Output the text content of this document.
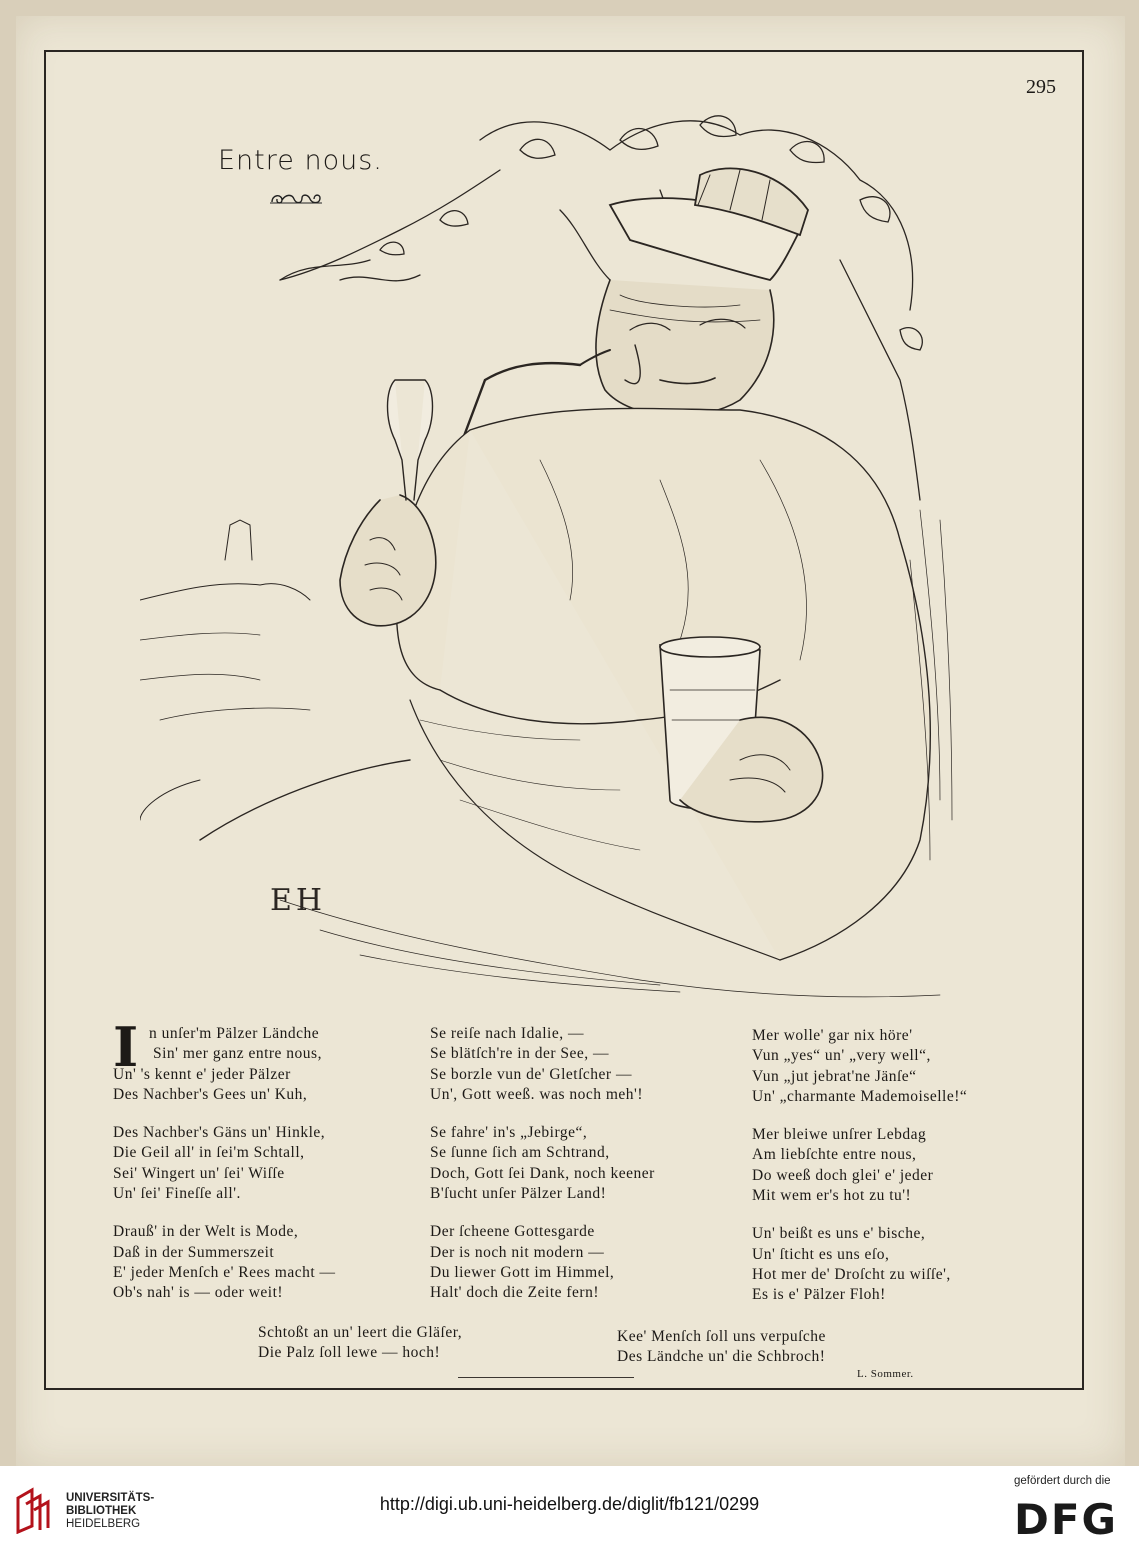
295
Entre nous.
EH
I n unſer'm Pälzer Ländche
Sin' mer ganz entre nous,
Un' 's kennt e' jeder Pälzer
Des Nachber's Gees un' Kuh,
Des Nachber's Gäns un' Hinkle,
Die Geil all' in ſei'm Schtall,
Sei' Wingert un' ſei' Wiſſe
Un' ſei' Fineſſe all'.
Drauß' in der Welt is Mode,
Daß in der Summerszeit
E' jeder Menſch e' Rees macht —
Ob's nah' is — oder weit!
Se reiſe nach Idalie, —
Se blätſch're in der See, —
Se borzle vun de' Gletſcher —
Un', Gott weeß. was noch meh'!
Se fahre' in's „Jebirge“,
Se ſunne ſich am Schtrand,
Doch, Gott ſei Dank, noch keener
B'ſucht unſer Pälzer Land!
Der ſcheene Gottesgarde
Der is noch nit modern —
Du liewer Gott im Himmel,
Halt' doch die Zeite fern!
Mer wolle' gar nix höre'
Vun „yes“ un' „very well“,
Vun „jut jebrat'ne Jänſe“
Un' „charmante Mademoiselle!“
Mer bleiwe unſrer Lebdag
Am liebſchte entre nous,
Do weeß doch glei' e' jeder
Mit wem er's hot zu tu'!
Un' beißt es uns e' bische,
Un' ſticht es uns eſo,
Hot mer de' Droſcht zu wiſſe',
Es is e' Pälzer Floh!
Schtoßt an un' leert die Gläſer,
Die Palz ſoll lewe — hoch!
Kee' Menſch ſoll uns verpuſche
Des Ländche un' die Schbroch!
L. Sommer.
UNIVERSITÄTS-
BIBLIOTHEK
HEIDELBERG
http://digi.ub.uni-heidelberg.de/diglit/fb121/0299
gefördert durch die
DFG
